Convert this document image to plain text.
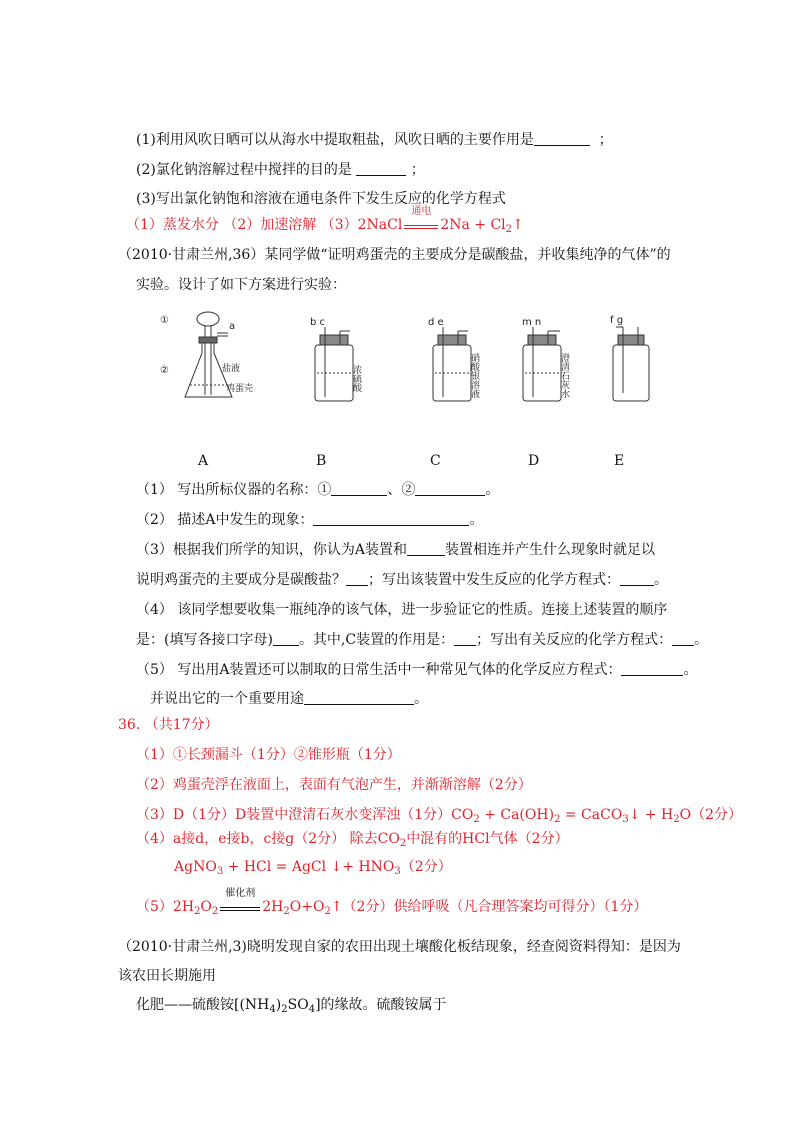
(1)利用风吹日晒可以从海水中提取粗盐，风吹日晒的主要作用是	；
(2)氯化钠溶解过程中搅拌的目的是	；
(3)写出氯化钠饱和溶液在通电条件下发生反应的化学方程式
（1）蒸发水分 （2）加速溶解 （3）2NaCl
通电
$2Na + Cl_2↑$
（2010·甘肃兰州,36）某同学做“证明鸡蛋壳的主要成分是碳酸盐，并收集纯净的气体”的
实验。设计了如下方案进行实验：
①
②
a
盐液
鸡蛋壳
b c
浓硫酸
d e
硝酸银溶液
m n
澄清石灰水
f g
A	B	C	D	E
（1） 写出所标仪器的名称：①	、②	。
（2） 描述A中发生的现象：	。
（3）根据我们所学的知识，你认为A装置和	装置相连并产生什么现象时就足以
说明鸡蛋壳的主要成分是碳酸盐？ ；写出该装置中发生反应的化学方程式： 。
（4） 该同学想要收集一瓶纯净的该气体，进一步验证它的性质。连接上述装置的顺序
是：(填写各接口字母) 。其中,C装置的作用是： ；写出有关反应的化学方程式： 。
（5） 写出用A装置还可以制取的日常生活中一种常见气体的化学反应方程式：	。
并说出它的一个重要用途	。
36. （共17分）
（1）①长颈漏斗（1分）②锥形瓶（1分）
（2）鸡蛋壳浮在液面上，表面有气泡产生，并渐渐溶解（2分）
（3）D（1分）D装置中澄清石灰水变浑浊（1分）$CO_2 + Ca(OH)_2$ = CaCO$_3$↓ + $H_2O(2$分）
（4）a接d，e接b，c接g（2分） 除去$CO_2$中混有的HCl气体（2分）
AgNO$_3$ + HCl = AgCl ↓+ $HNO_3(2$分）
$(5)2H_2O_2$
催化剂
$2H_2O+O_2↑(2$分）供给呼吸（凡合理答案均可得分）（1分）
（2010·甘肃兰州,3)晓明发现自家的农田出现土壤酸化板结现象，经查阅资料得知：是因为
该农田长期施用
化肥——硫酸铵$[(NH_4)_2SO_4]$的缘故。硫酸铵属于
